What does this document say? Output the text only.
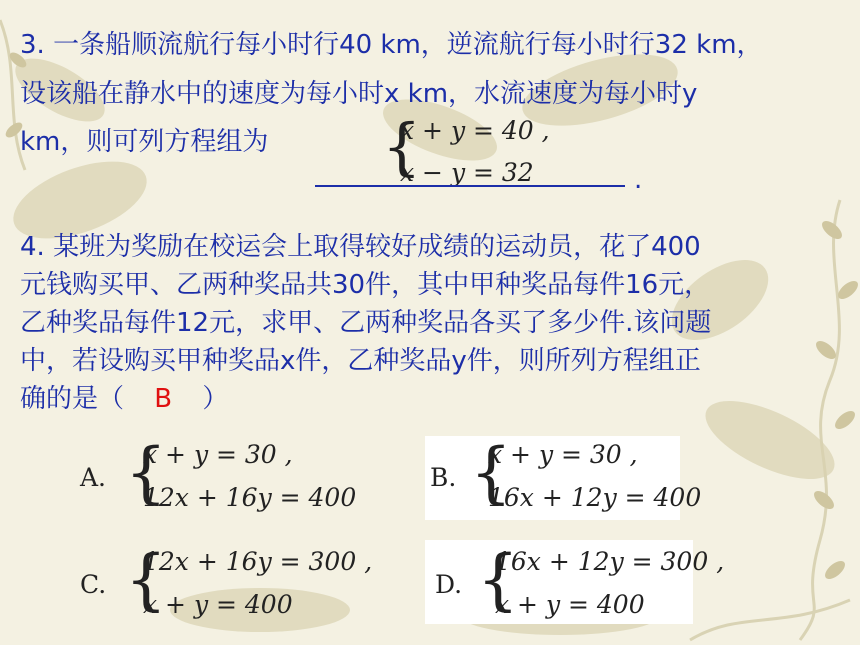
3. 一条船顺流航行每小时行40 km，逆流航行每小时行32 km，

设该船在静水中的速度为每小时x km，水流速度为每小时y

km，则可列方程组为 {
x + y = 40 ,
x − y = 32	.

4. 某班为奖励在校运会上取得较好成绩的运动员，花了400

元钱购买甲、乙两种奖品共30件，其中甲种奖品每件16元，

乙种奖品每件12元，求甲、乙两种奖品各买了多少件.该问题

中，若设购买甲种奖品x件，乙种奖品y件，则所列方程组正

确的是（ B ）

A. {
x + y = 30 ,
12x + 16y = 400
B. {
x + y = 30 ,
16x + 12y = 400
C. {
12x + 16y = 300 ,
x + y = 400
D. {
16x + 12y = 300 ,
x + y = 400
